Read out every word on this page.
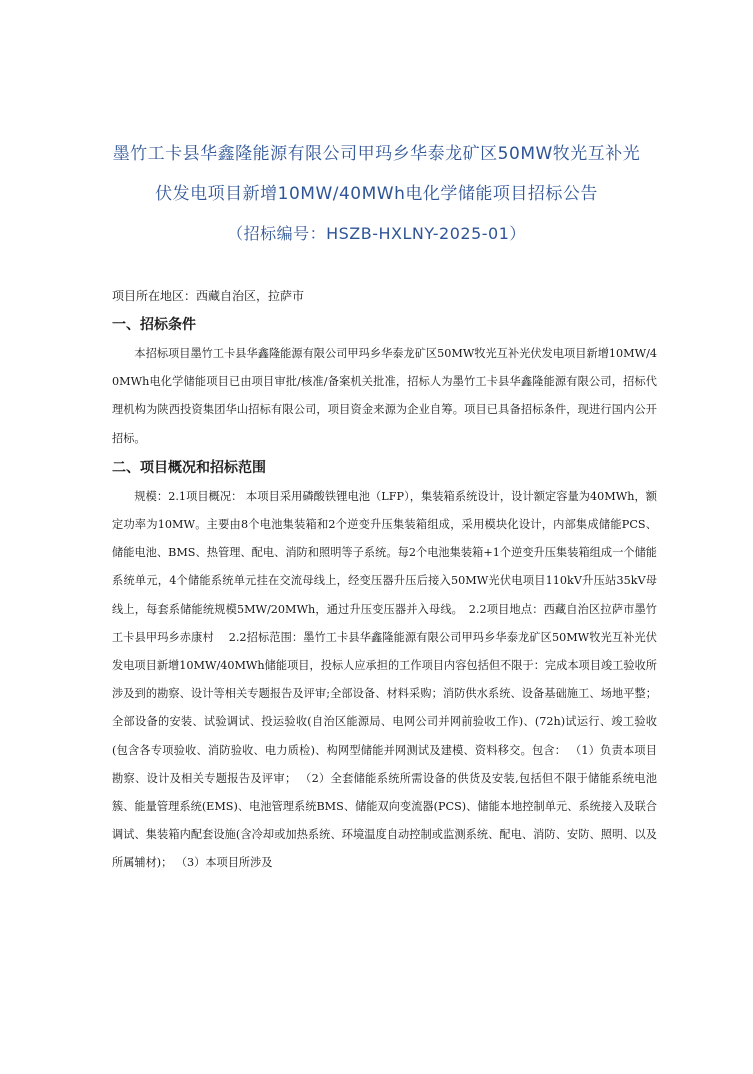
墨竹工卡县华鑫隆能源有限公司甲玛乡华泰龙矿区50MW牧光互补光
伏发电项目新增10MW/40MWh电化学储能项目招标公告
（招标编号：HSZB-HXLNY-2025-01）
项目所在地区：西藏自治区，拉萨市
一、招标条件

本招标项目墨竹工卡县华鑫隆能源有限公司甲玛乡华泰龙矿区50MW牧光互补光伏发电项目新增10MW/40MWh电化学储能项目已由项目审批/核准/备案机关批准，招标人为墨竹工卡县华鑫隆能源有限公司，招标代理机构为陕西投资集团华山招标有限公司，项目资金来源为企业自筹。项目已具备招标条件，现进行国内公开招标。

二、项目概况和招标范围

规模：2.1项目概况： 本项目采用磷酸铁锂电池（LFP），集装箱系统设计，设计额定容量为40MWh，额定功率为10MW。主要由8个电池集装箱和2个逆变升压集装箱组成，采用模块化设计，内部集成储能PCS、储能电池、BMS、热管理、配电、消防和照明等子系统。每2个电池集装箱+1个逆变升压集装箱组成一个储能系统单元，4个储能系统单元挂在交流母线上，经变压器升压后接入50MW光伏电项目110kV升压站35kV母线上，每套系储能统规模5MW/20MWh，通过升压变压器并入母线。　2.2项目地点：西藏自治区拉萨市墨竹工卡县甲玛乡赤康村　 2.2招标范围：墨竹工卡县华鑫隆能源有限公司甲玛乡华泰龙矿区50MW牧光互补光伏发电项目新增10MW/40MWh储能项目，投标人应承担的工作项目内容包括但不限于：完成本项目竣工验收所涉及到的勘察、设计等相关专题报告及评审;全部设备、材料采购；消防供水系统、设备基础施工、场地平整；全部设备的安装、试验调试、投运验收(自治区能源局、电网公司并网前验收工作)、(72h)试运行、竣工验收(包含各专项验收、消防验收、电力质检)、构网型储能并网测试及建模、资料移交。包含： （1）负责本项目勘察、设计及相关专题报告及评审； （2）全套储能系统所需设备的供货及安装,包括但不限于储能系统电池簇、能量管理系统(EMS)、电池管理系统BMS、储能双向变流器(PCS)、储能本地控制单元、系统接入及联合调试、集装箱内配套设施(含冷却或加热系统、环境温度自动控制或监测系统、配电、消防、安防、照明、以及所属辅材)； （3）本项目所涉及
